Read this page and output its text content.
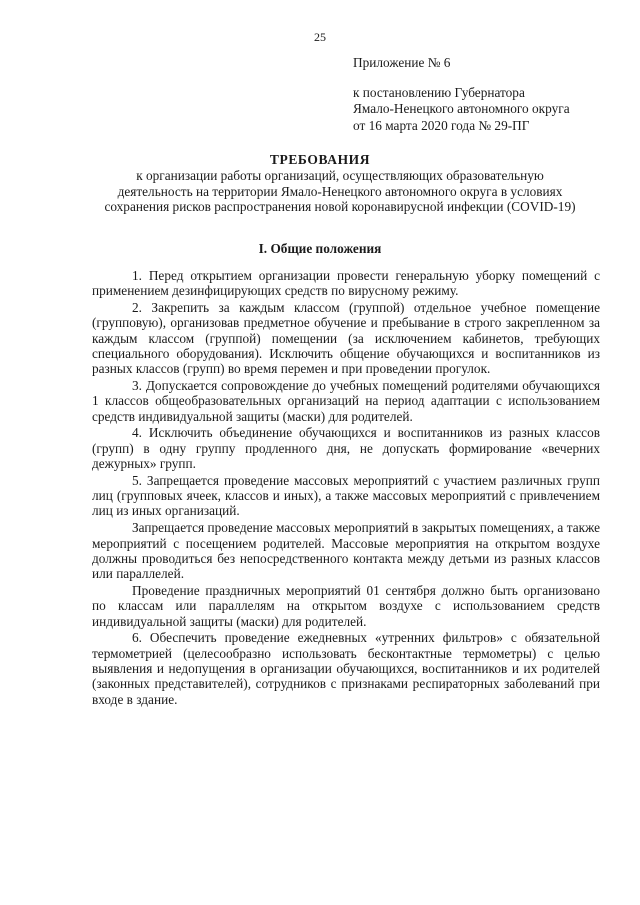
25
Приложение № 6
к постановлению Губернатора
Ямало-Ненецкого автономного округа
от 16 марта 2020 года № 29-ПГ
ТРЕБОВАНИЯ
к организации работы организаций, осуществляющих образовательную деятельность на территории Ямало-Ненецкого автономного округа в условиях сохранения рисков распространения новой коронавирусной инфекции (COVID-19)
I. Общие положения

1. Перед открытием организации провести генеральную уборку помещений с применением дезинфицирующих средств по вирусному режиму.

2. Закрепить за каждым классом (группой) отдельное учебное помещение (групповую), организовав предметное обучение и пребывание в строго закрепленном за каждым классом (группой) помещении (за исключением кабинетов, требующих специального оборудования). Исключить общение обучающихся и воспитанников из разных классов (групп) во время перемен и при проведении прогулок.

3. Допускается сопровождение до учебных помещений родителями обучающихся 1 классов общеобразовательных организаций на период адаптации с использованием средств индивидуальной защиты (маски) для родителей.

4. Исключить объединение обучающихся и воспитанников из разных классов (групп) в одну группу продленного дня, не допускать формирование «вечерних дежурных» групп.

5. Запрещается проведение массовых мероприятий с участием различных групп лиц (групповых ячеек, классов и иных), а также массовых мероприятий с привлечением лиц из иных организаций.

Запрещается проведение массовых мероприятий в закрытых помещениях, а также мероприятий с посещением родителей. Массовые мероприятия на открытом воздухе должны проводиться без непосредственного контакта между детьми из разных классов или параллелей.

Проведение праздничных мероприятий 01 сентября должно быть организовано по классам или параллелям на открытом воздухе с использованием средств индивидуальной защиты (маски) для родителей.

6. Обеспечить проведение ежедневных «утренних фильтров» с обязательной термометрией (целесообразно использовать бесконтактные термометры) с целью выявления и недопущения в организации обучающихся, воспитанников и их родителей (законных представителей), сотрудников с признаками респираторных заболеваний при входе в здание.
